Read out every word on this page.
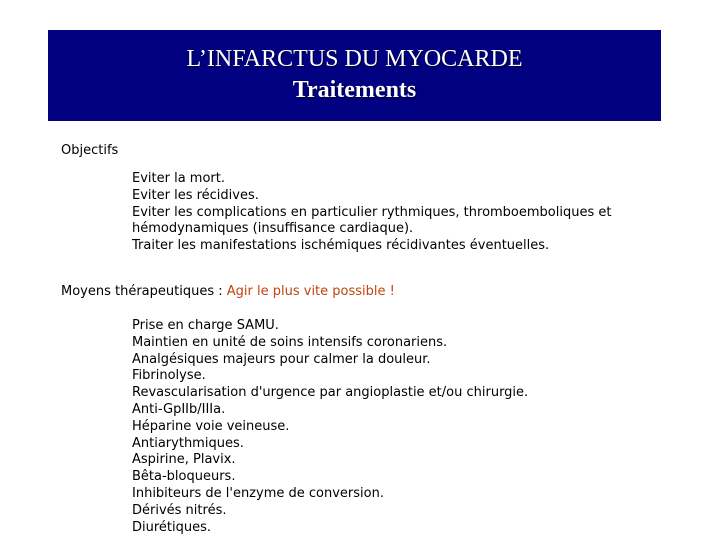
L’INFARCTUS DU MYOCARDE
Traitements
Objectifs
Eviter la mort.
Eviter les récidives.
Eviter les complications en particulier rythmiques, thromboemboliques et hémodynamiques (insuffisance cardiaque).
Traiter les manifestations ischémiques récidivantes éventuelles.
Moyens thérapeutiques : Agir le plus vite possible !
Prise en charge SAMU.
Maintien en unité de soins intensifs coronariens.
Analgésiques majeurs pour calmer la douleur.
Fibrinolyse.
Revascularisation d'urgence par angioplastie et/ou chirurgie.
Anti-GpIIb/IIIa.
Héparine voie veineuse.
Antiarythmiques.
Aspirine, Plavix.
Bêta-bloqueurs.
Inhibiteurs de l'enzyme de conversion.
Dérivés nitrés.
Diurétiques.
